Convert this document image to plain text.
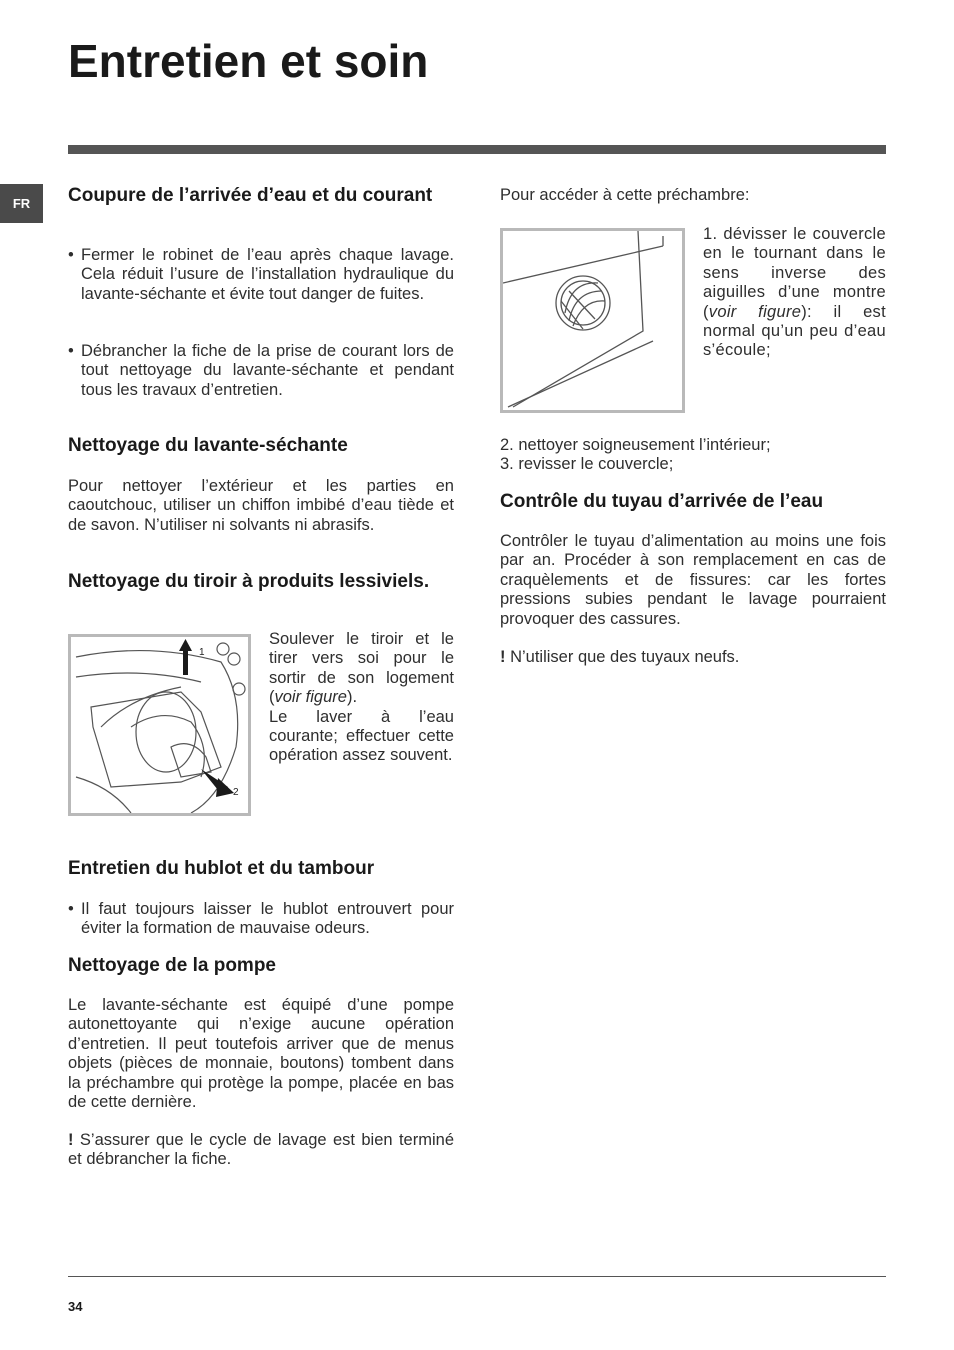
Entretien et soin
FR	Coupure de l’arrivée d’eau et du courant
• Fermer le robinet de l’eau après chaque lavage. Cela réduit l’usure de l’installation hydraulique du lavante-séchante et évite tout danger de fuites.
• Débrancher la fiche de la prise de courant lors de tout nettoyage du lavante-séchante et pendant tous les travaux d’entretien.
Nettoyage du lavante-séchante

Pour nettoyer l’extérieur et les parties en caoutchouc, utiliser un chiffon imbibé d’eau tiède et de savon. N’utiliser ni solvants ni abrasifs.

Nettoyage du tiroir à produits lessiviels.
1
2

Soulever le tiroir et le tirer vers soi pour le sortir de son logement (voir figure).
Le laver à l’eau courante; effectuer cette opération assez souvent.

Entretien du hublot et du tambour
• Il faut toujours laisser le hublot entrouvert pour éviter la formation de mauvaise odeurs.
Nettoyage de la pompe

Le lavante-séchante est équipé d’une pompe autonettoyante qui n’exige aucune opération d’entretien. Il peut toutefois arriver que de menus objets (pièces de monnaie, boutons) tombent dans la préchambre qui protège la pompe, placée en bas de cette dernière.

! S’assurer que le cycle de lavage est bien terminé et débrancher la fiche.

Pour accéder à cette préchambre:

1. dévisser le couvercle en le tournant dans le sens inverse des aiguilles d’une montre (voir figure): il est normal qu’un peu d’eau s’écoule;

2. nettoyer soigneusement l’intérieur;

3. revisser le couvercle;

Contrôle du tuyau d’arrivée de l’eau

Contrôler le tuyau d’alimentation au moins une fois par an. Procéder à son remplacement en cas de craquèlements et de fissures: car les fortes pressions subies pendant le lavage pourraient provoquer des cassures.

! N’utiliser que des tuyaux neufs.

34
